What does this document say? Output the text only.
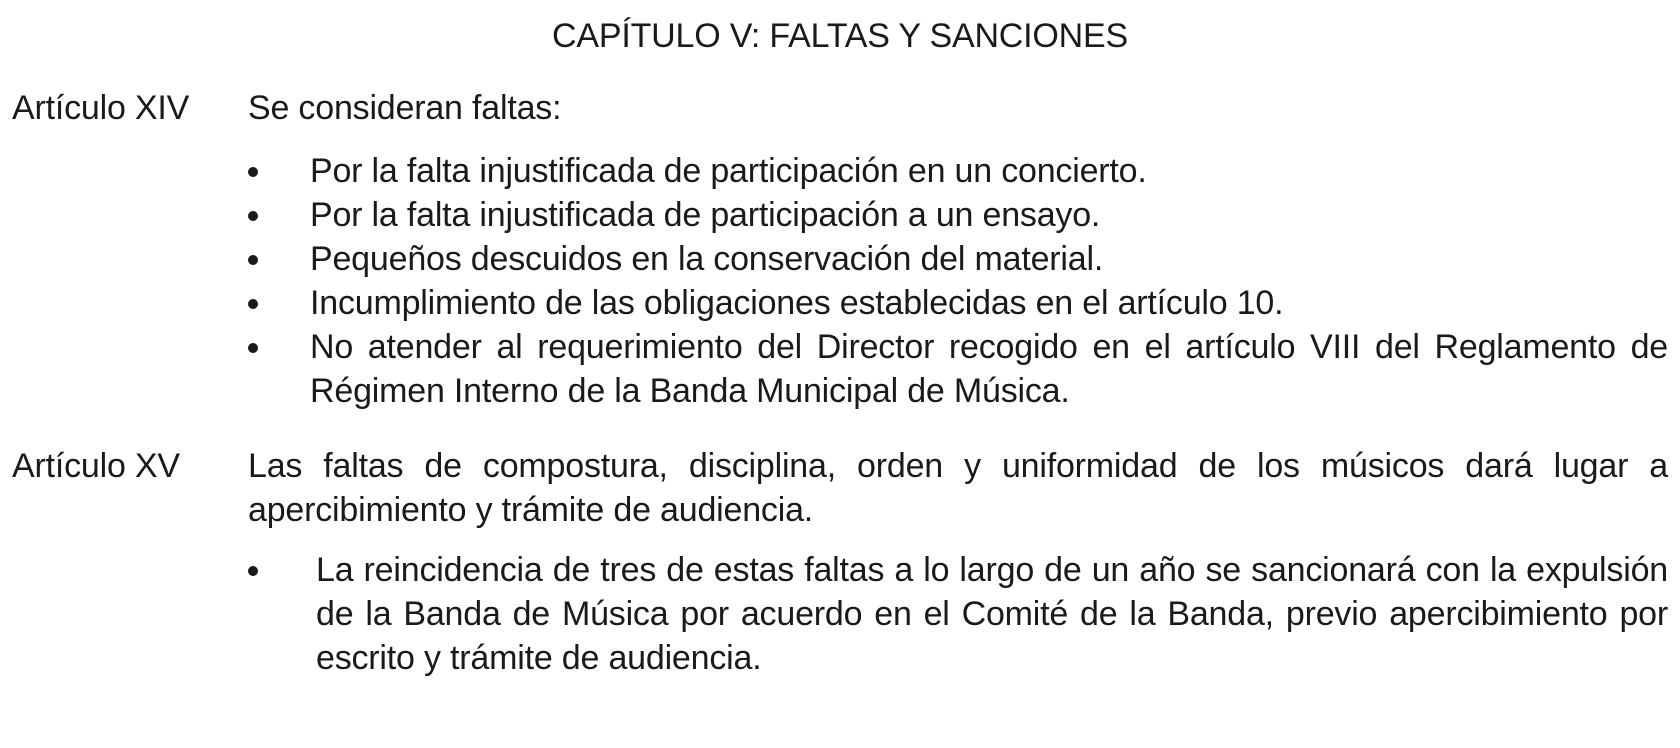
CAPÍTULO V: FALTAS Y SANCIONES
Artículo XIV	Se consideran faltas:

Por la falta injustificada de participación en un concierto.
Por la falta injustificada de participación a un ensayo.
Pequeños descuidos en la conservación del material.
Incumplimiento de las obligaciones establecidas en el artículo 10.
No atender al requerimiento del Director recogido en el artículo VIII del Reglamento de Régimen Interno de la Banda Municipal de Música.
Artículo XV	Las faltas de compostura, disciplina, orden y uniformidad de los músicos dará lugar a apercibimiento y trámite de audiencia.

La reincidencia de tres de estas faltas a lo largo de un año se sancionará con la expulsión de la Banda de Música por acuerdo en el Comité de la Banda, previo apercibimiento por escrito y trámite de audiencia.
